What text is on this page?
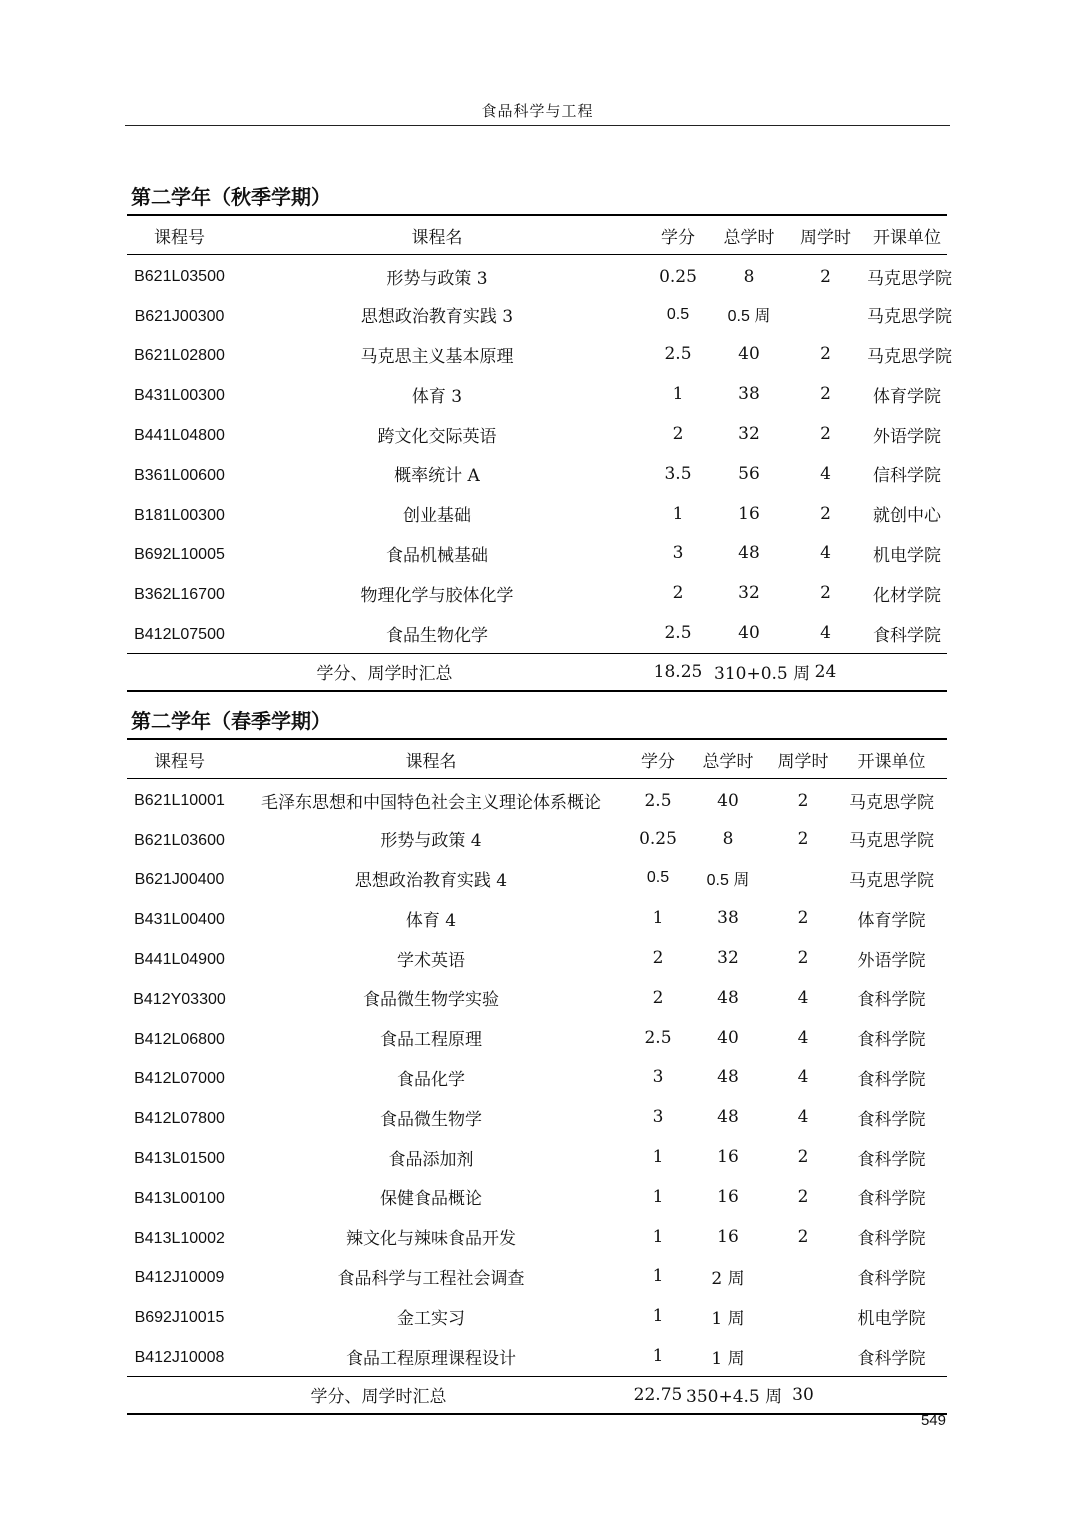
食品科学与工程
第二学年（秋季学期）
课程号	课程名	学分	总学时	周学时	开课单位
B621L03500	形势与政策 3	0.25	8	2	马克思学院
B621J00300	思想政治教育实践 3	0.5	0.5 周		马克思学院
B621L02800	马克思主义基本原理	2.5	40	2	马克思学院
B431L00300	体育 3	1	38	2	体育学院
B441L04800	跨文化交际英语	2	32	2	外语学院
B361L00600	概率统计 A	3.5	56	4	信科学院
B181L00300	创业基础	1	16	2	就创中心
B692L10005	食品机械基础	3	48	4	机电学院
B362L16700	物理化学与胶体化学	2	32	2	化材学院
B412L07500	食品生物化学	2.5	40	4	食科学院
学分、周学时汇总		18.25	310+0.5 周	24	
第二学年（春季学期）
课程号	课程名	学分	总学时	周学时	开课单位
B621L10001	毛泽东思想和中国特色社会主义理论体系概论	2.5	40	2	马克思学院
B621L03600	形势与政策 4	0.25	8	2	马克思学院
B621J00400	思想政治教育实践 4	0.5	0.5 周		马克思学院
B431L00400	体育 4	1	38	2	体育学院
B441L04900	学术英语	2	32	2	外语学院
B412Y03300	食品微生物学实验	2	48	4	食科学院
B412L06800	食品工程原理	2.5	40	4	食科学院
B412L07000	食品化学	3	48	4	食科学院
B412L07800	食品微生物学	3	48	4	食科学院
B413L01500	食品添加剂	1	16	2	食科学院
B413L00100	保健食品概论	1	16	2	食科学院
B413L10002	辣文化与辣味食品开发	1	16	2	食科学院
B412J10009	食品科学与工程社会调查	1	2 周		食科学院
B692J10015	金工实习	1	1 周		机电学院
B412J10008	食品工程原理课程设计	1	1 周		食科学院
学分、周学时汇总		22.75	350+4.5 周	30	
549
